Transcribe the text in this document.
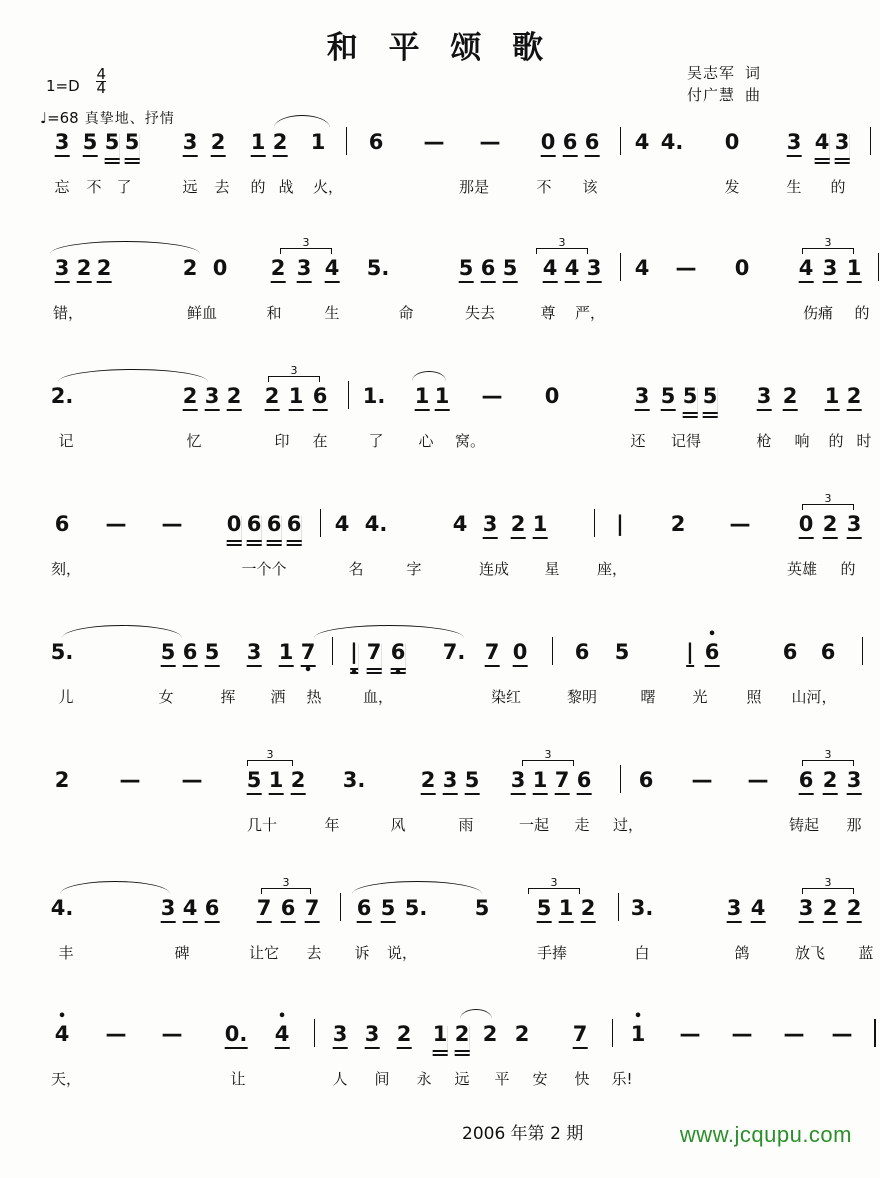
和 平 颂 歌
吴志军 词
付广慧 曲
$1=D \frac{4}{4}$
♩=68 真挚地、抒情
3 5 5 5 3 2 1 2 1 6 — — 0 6 6 4 4. 0 3 4 3
忘 不 了	远 去 的 战 火，	那是	不 该	发	生 的
3	3	3
3 2 2	2 0 2 3 4 5.	5 6 5 4 4 3 4 — 0 4 3 1
错，	鲜血	和	生	命	失去	尊 严，	伤痛 的
3
2.	2 3 2 2 1 6 1. 1 1 — 0	3 5 5 5 3 2 1 2
记	忆	印 在	了 心 窝。	还 记得	枪 响 的 时
3
6 — — 0 6 6 6 4 4.	4 3 2 1	| 2 — 0 2 3
刻，	一个个	名	字	连成 星 座，	英雄 的
5.	5 6 5 3 1 7 • | • 7 6 • 7. 7 0 6 5	| • 6	6 6
儿	女	挥 洒 热	血，	染红	黎明	曙 光	照 山河，
3	3	3
2 — — 5 1 2 3.	2 3 5 3 1 7 6 6 — — 6 2 3
几十	年	风	雨	一起 走 过，	铸起 那
3	3	3
4.	3 4 6 7 6 7 6 5 5. 5 5 1 2 3.	3 4 3 2 2
丰	碑	让它 去 诉 说，	手捧	白	鸽	放飞 蓝
• 4 — — 0. • 4 3 3 2 1 2 2 2 7 • 1 — — — —
天，	让	人 间 永 远 平 安 快 乐!
2006 年第 2 期	www.jcqupu.com
